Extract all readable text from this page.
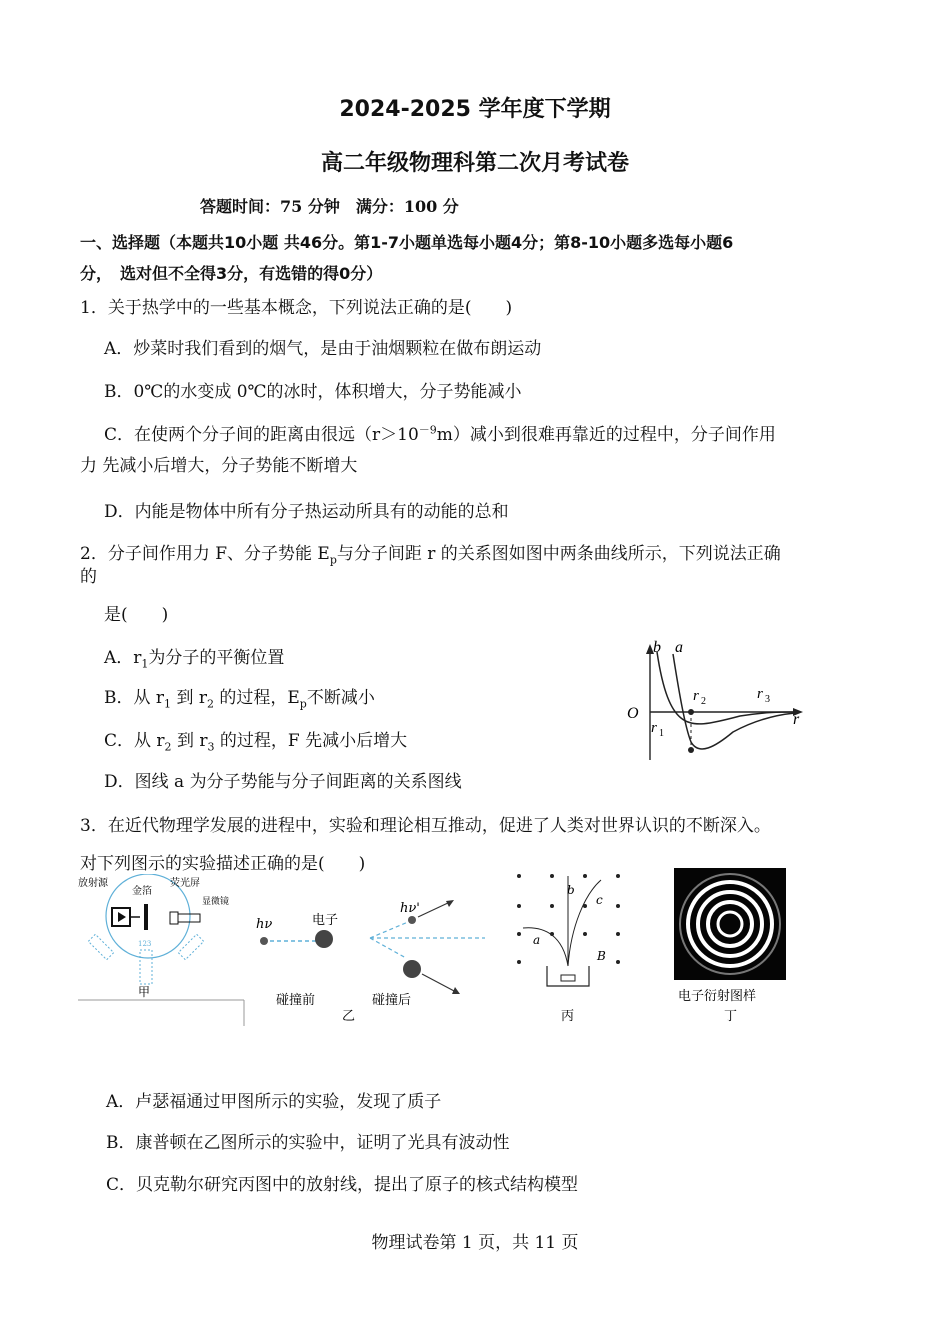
2024-2025 学年度下学期
高二年级物理科第二次月考试卷
答题时间：75 分钟　满分：100 分
一、选择题（本题共10小题 共46分。第1-7小题单选每小题4分；第8-10小题多选每小题6
分，　选对但不全得3分，有选错的得0分）
1．关于热学中的一些基本概念，下列说法正确的是(　　)
A．炒菜时我们看到的烟气，是由于油烟颗粒在做布朗运动
B．0℃的水变成 0℃的冰时，体积增大，分子势能减小
C．在使两个分子间的距离由很远$(r>10^{-9}m)$减小到很难再靠近的过程中，分子间作用
力 先减小后增大，分子势能不断增大
D．内能是物体中所有分子热运动所具有的动能的总和
2．分子间作用力 F、分子势能 $E_p$与分子间距 r 的关系图如图中两条曲线所示，下列说法正确
的
是(　　)
A．$r_1$为分子的平衡位置
B．从 $r_1$ 到 $r_2$ 的过程，$E_p$不断减小
C．从 $r_2$ 到 $r_3$ 的过程，F 先减小后增大
D．图线 a 为分子势能与分子间距离的关系图线
b a
O	r
r 1
r 2	r 3
3．在近代物理学发展的进程中，实验和理论相互推动，促进了人类对世界认识的不断深入。
对下列图示的实验描述正确的是(　　)
放射源
金箔
荧光屏
显微镜
123
甲
hν	电子
碰撞前
hν'
碰撞后
乙
a
b
c
B
丙
电子衍射图样
丁
A．卢瑟福通过甲图所示的实验，发现了质子
B．康普顿在乙图所示的实验中，证明了光具有波动性
C．贝克勒尔研究丙图中的放射线，提出了原子的核式结构模型
物理试卷第 1 页，共 11 页
